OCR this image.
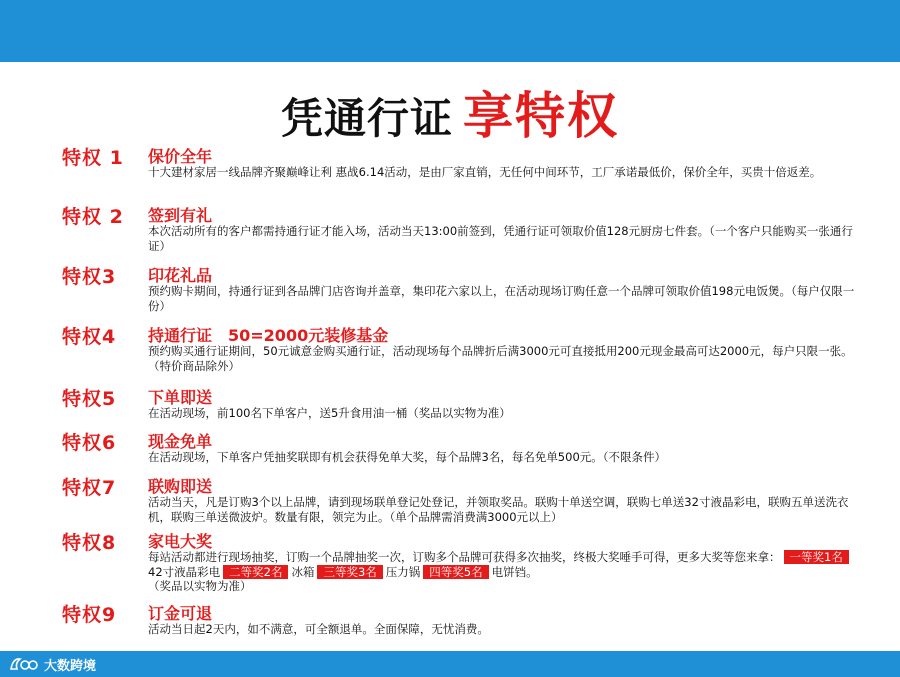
凭通行证 享特权
特权 1 保价全年
十大建材家居一线品牌齐聚巅峰让利 惠战6.14活动，是由厂家直销，无任何中间环节，工厂承诺最低价，保价全年，买贵十倍返差。
特权 2 签到有礼
本次活动所有的客户都需持通行证才能入场，活动当天13:00前签到，凭通行证可领取价值128元厨房七件套。（一个客户只能购买一张通行证）
特权3 印花礼品
预约购卡期间，持通行证到各品牌门店咨询并盖章，集印花六家以上，在活动现场订购任意一个品牌可领取价值198元电饭煲。（每户仅限一份）
特权4 持通行证　50=2000元装修基金
预约购买通行证期间，50元诚意金购买通行证，活动现场每个品牌折后满3000元可直接抵用200元现金最高可达2000元，每户只限一张。（特价商品除外）
特权5 下单即送
在活动现场，前100名下单客户，送5升食用油一桶（奖品以实物为准）
特权6 现金免单
在活动现场，下单客户凭抽奖联即有机会获得免单大奖，每个品牌3名，每名免单500元。（不限条件）
特权7 联购即送
活动当天，凡是订购3个以上品牌，请到现场联单登记处登记，并领取奖品。联购十单送空调，联购七单送32寸液晶彩电，联购五单送洗衣机，联购三单送微波炉。数量有限，领完为止。（单个品牌需消费满3000元以上）
特权8 家电大奖
每站活动都进行现场抽奖，订购一个品牌抽奖一次，订购多个品牌可获得多次抽奖，终极大奖唾手可得，更多大奖等您来拿： 一等奖1名42寸液晶彩电 二等奖2名 冰箱 三等奖3名 压力锅 四等奖5名 电饼铛。
（奖品以实物为准）
特权9 订金可退
活动当日起2天内，如不满意，可全额退单。全面保障，无忧消费。
大数跨境
